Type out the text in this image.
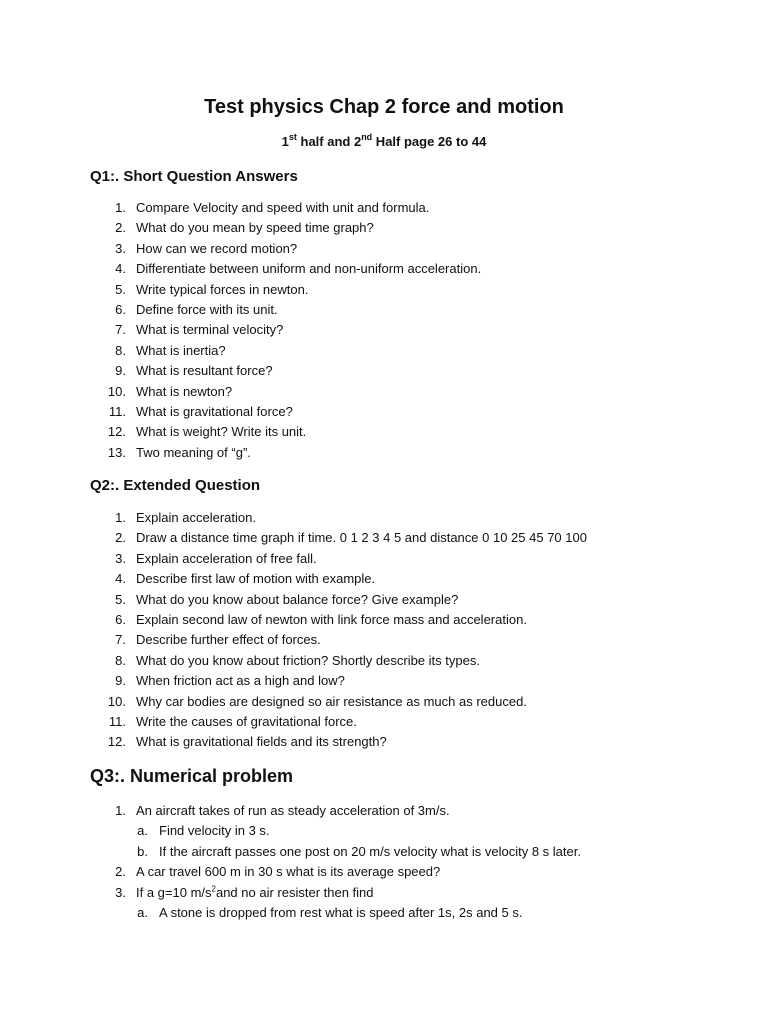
Test physics Chap 2 force and motion
1st half and 2nd Half page 26 to 44
Q1:. Short Question Answers
1. Compare Velocity and speed with unit and formula.
2. What do you mean by speed time graph?
3. How can we record motion?
4. Differentiate between uniform and non-uniform acceleration.
5. Write typical forces in newton.
6. Define force with its unit.
7. What is terminal velocity?
8. What is inertia?
9. What is resultant force?
10. What is newton?
11. What is gravitational force?
12. What is weight? Write its unit.
13. Two meaning of “g”.
Q2:. Extended Question
1. Explain acceleration.
2. Draw a distance time graph if time. 0 1 2 3 4 5 and distance 0 10 25 45 70 100
3. Explain acceleration of free fall.
4. Describe first law of motion with example.
5. What do you know about balance force? Give example?
6. Explain second law of newton with link force mass and acceleration.
7. Describe further effect of forces.
8. What do you know about friction? Shortly describe its types.
9. When friction act as a high and low?
10. Why car bodies are designed so air resistance as much as reduced.
11. Write the causes of gravitational force.
12. What is gravitational fields and its strength?
Q3:. Numerical problem
1. An aircraft takes of run as steady acceleration of 3m/s.
a. Find velocity in 3 s.
b. If the aircraft passes one post on 20 m/s velocity what is velocity 8 s later.
2. A car travel 600 m in 30 s what is its average speed?
3. If a g=10 $m/s^2and$ no air resister then find
a. A stone is dropped from rest what is speed after 1s, 2s and 5 s.
